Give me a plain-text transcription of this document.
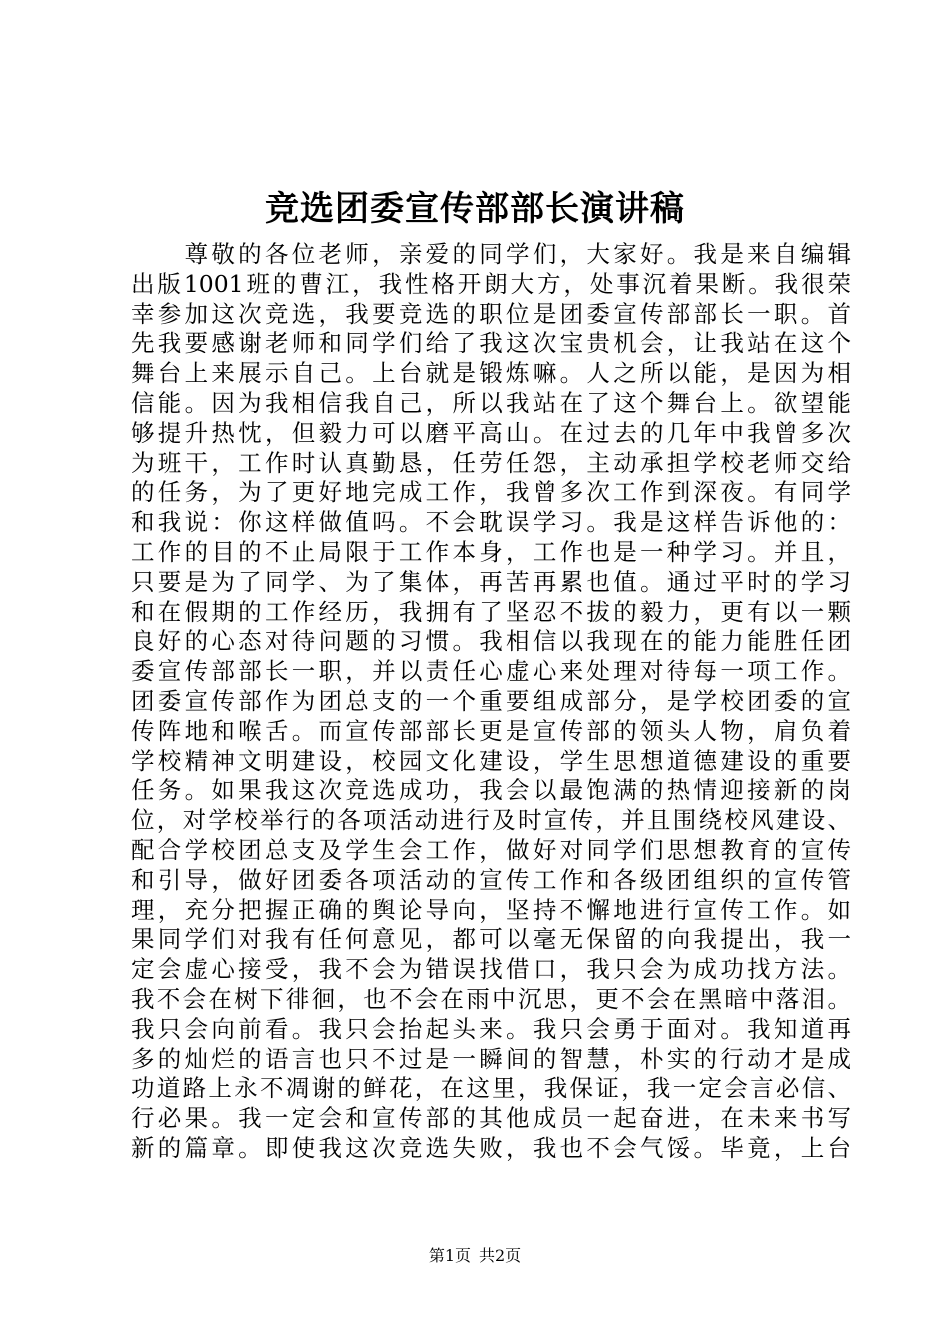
竞选团委宣传部部长演讲稿
　　尊敬的各位老师，亲爱的同学们，大家好。我是来自编辑
出版1001班的曹江，我性格开朗大方，处事沉着果断。我很荣
幸参加这次竞选，我要竞选的职位是团委宣传部部长一职。首
先我要感谢老师和同学们给了我这次宝贵机会，让我站在这个
舞台上来展示自己。上台就是锻炼嘛。人之所以能，是因为相
信能。因为我相信我自己，所以我站在了这个舞台上。欲望能
够提升热忱，但毅力可以磨平高山。在过去的几年中我曾多次
为班干，工作时认真勤恳，任劳任怨，主动承担学校老师交给
的任务，为了更好地完成工作，我曾多次工作到深夜。有同学
和我说：你这样做值吗。不会耽误学习。我是这样告诉他的：
工作的目的不止局限于工作本身，工作也是一种学习。并且，
只要是为了同学、为了集体，再苦再累也值。通过平时的学习
和在假期的工作经历，我拥有了坚忍不拔的毅力，更有以一颗
良好的心态对待问题的习惯。我相信以我现在的能力能胜任团
委宣传部部长一职，并以责任心虚心来处理对待每一项工作。
团委宣传部作为团总支的一个重要组成部分，是学校团委的宣
传阵地和喉舌。而宣传部部长更是宣传部的领头人物，肩负着
学校精神文明建设，校园文化建设，学生思想道德建设的重要
任务。如果我这次竞选成功，我会以最饱满的热情迎接新的岗
位，对学校举行的各项活动进行及时宣传，并且围绕校风建设、
配合学校团总支及学生会工作，做好对同学们思想教育的宣传
和引导，做好团委各项活动的宣传工作和各级团组织的宣传管
理，充分把握正确的舆论导向，坚持不懈地进行宣传工作。如
果同学们对我有任何意见，都可以毫无保留的向我提出，我一
定会虚心接受，我不会为错误找借口，我只会为成功找方法。
我不会在树下徘徊，也不会在雨中沉思，更不会在黑暗中落泪。
我只会向前看。我只会抬起头来。我只会勇于面对。我知道再
多的灿烂的语言也只不过是一瞬间的智慧，朴实的行动才是成
功道路上永不凋谢的鲜花，在这里，我保证，我一定会言必信、
行必果。我一定会和宣传部的其他成员一起奋进，在未来书写
新的篇章。即使我这次竞选失败，我也不会气馁。毕竟，上台
第1页 共2页
